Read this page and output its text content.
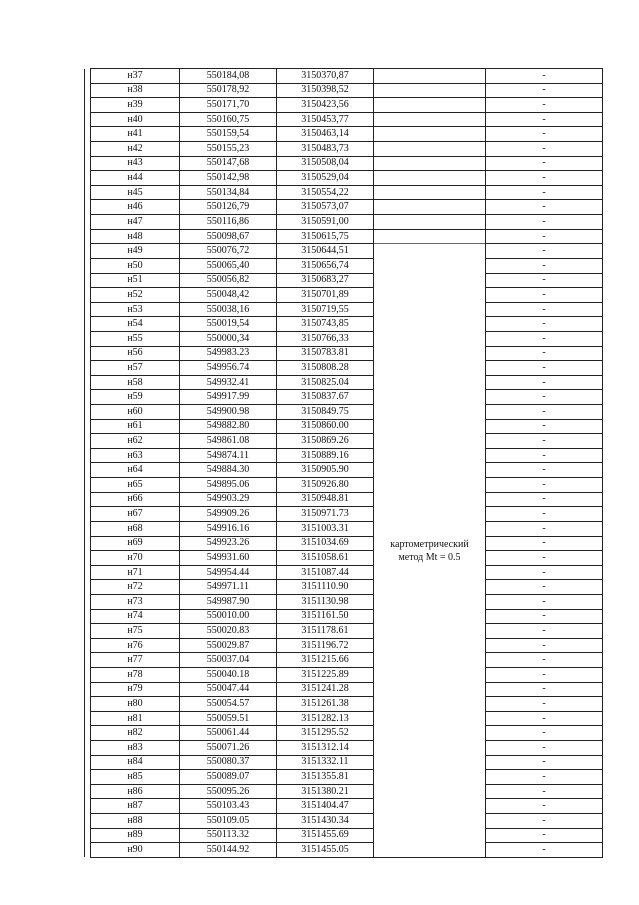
	н37	550184,08	3150370,87		-
	н38	550178,92	3150398,52		-
	н39	550171,70	3150423,56		-
	н40	550160,75	3150453,77		-
	н41	550159,54	3150463,14		-
	н42	550155,23	3150483,73		-
	н43	550147,68	3150508,04		-
	н44	550142,98	3150529,04		-
	н45	550134,84	3150554,22		-
	н46	550126,79	3150573,07		-
	н47	550116,86	3150591,00		-
	н48	550098,67	3150615,75		-
	н49	550076,72	3150644,51	картометрический
метод Mt = 0.5	-
	н50	550065,40	3150656,74		-
	н51	550056,82	3150683,27		-
	н52	550048,42	3150701,89		-
	н53	550038,16	3150719,55		-
	н54	550019,54	3150743,85		-
	н55	550000,34	3150766,33		-
	н56	549983.23	3150783.81		-
	н57	549956.74	3150808.28		-
	н58	549932.41	3150825.04		-
	н59	549917.99	3150837.67		-
	н60	549900.98	3150849.75		-
	н61	549882.80	3150860.00		-
	н62	549861.08	3150869.26		-
	н63	549874.11	3150889.16		-
	н64	549884.30	3150905.90		-
	н65	549895.06	3150926.80		-
	н66	549903.29	3150948.81		-
	н67	549909.26	3150971.73		-
	н68	549916.16	3151003.31		-
	н69	549923.26	3151034.69		-
	н70	549931.60	3151058.61		-
	н71	549954.44	3151087.44		-
	н72	549971.11	3151110.90		-
	н73	549987.90	3151130.98		-
	н74	550010.00	3151161.50		-
	н75	550020.83	3151178.61		-
	н76	550029.87	3151196.72		-
	н77	550037.04	3151215.66		-
	н78	550040.18	3151225.89		-
	н79	550047.44	3151241.28		-
	н80	550054.57	3151261.38		-
	н81	550059.51	3151282.13		-
	н82	550061.44	3151295.52		-
	н83	550071.26	3151312.14		-
	н84	550080.37	3151332.11		-
	н85	550089.07	3151355.81		-
	н86	550095.26	3151380.21		-
	н87	550103.43	3151404.47		-
	н88	550109.05	3151430.34		-
	н89	550113.32	3151455.69		-
	н90	550144.92	3151455.05		-
